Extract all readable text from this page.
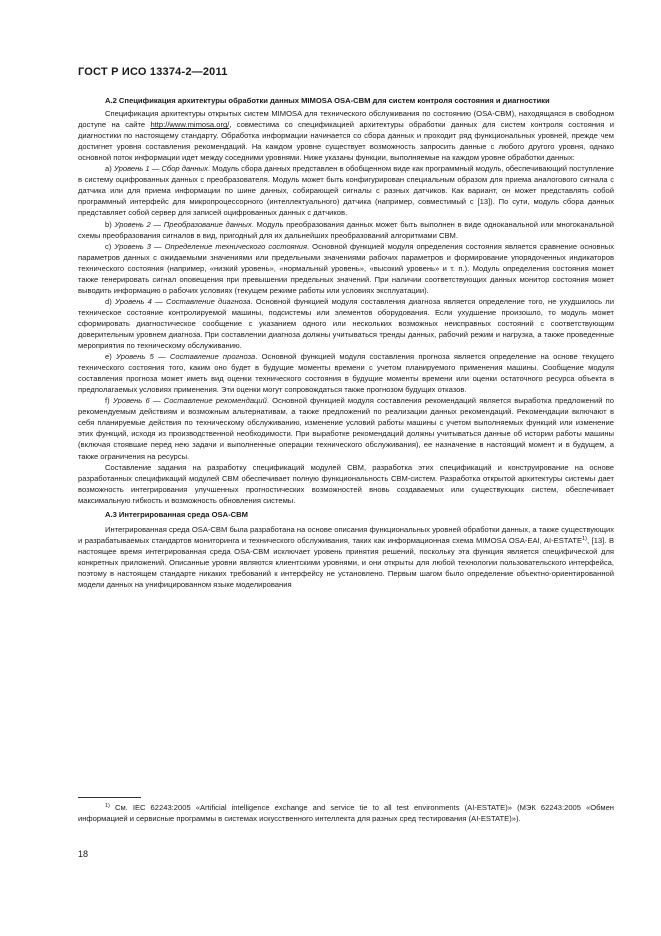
ГОСТ Р ИСО 13374-2—2011

А.2 Спецификация архитектуры обработки данных MIMOSA OSA-CBM для систем контроля состояния и диагностики

Спецификация архитектуры открытых систем MIMOSA для технического обслуживания по состоянию (OSA-CBM), находящаяся в свободном доступе на сайте http://www.mimosa.org/, совместима со спецификацией архитектуры обработки данных для систем контроля состояния и диагностики по настоящему стандарту. Обработка информации начинается со сбора данных и проходит ряд функциональных уровней, прежде чем достигнет уровня составления рекомендаций. На каждом уровне существует возможность запросить данные с любого другого уровня, однако основной поток информации идет между соседними уровнями. Ниже указаны функции, выполняемые на каждом уровне обработки данных:

а) Уровень 1 — Сбор данных. Модуль сбора данных представлен в обобщенном виде как программный модуль, обеспечивающий поступление в систему оцифрованных данных с преобразователя. Модуль может быть конфигурирован специальным образом для приема аналогового сигнала с датчика или для приема информации по шине данных, собирающей сигналы с разных датчиков. Как вариант, он может представлять собой программный интерфейс для микропроцессорного (интеллектуального) датчика (например, совместимый с [13]). По сути, модуль сбора данных представляет собой сервер для записей оцифрованных данных с датчиков.

b) Уровень 2 — Преобразование данных. Модуль преобразования данных может быть выполнен в виде одноканальной или многоканальной схемы преобразования сигналов в вид, пригодный для их дальнейших преобразований алгоритмами CBM.

с) Уровень 3 — Определение технического состояния. Основной функцией модуля определения состояния является сравнение основных параметров данных с ожидаемыми значениями или предельными значениями рабочих параметров и формирование упорядоченных индикаторов технического состояния (например, «низкий уровень», «нормальный уровень», «высокий уровень» и т. п.). Модуль определения состояния может также генерировать сигнал оповещения при превышении предельных значений. При наличии соответствующих данных монитор состояния может выводить информацию о рабочих условиях (текущем режиме работы или условиях эксплуатации).

d) Уровень 4 — Составление диагноза. Основной функцией модуля составления диагноза является определение того, не ухудшилось ли техническое состояние контролируемой машины, подсистемы или элементов оборудования. Если ухудшение произошло, то модуль может сформировать диагностическое сообщение с указанием одного или нескольких возможных неисправных состояний с соответствующим доверительным уровнем диагноза. При составлении диагноза должны учитываться тренды данных, рабочий режим и нагрузка, а также проведенные мероприятия по техническому обслуживанию.

e) Уровень 5 — Составление прогноза. Основной функцией модуля составления прогноза является определение на основе текущего технического состояния того, каким оно будет в будущие моменты времени с учетом планируемого применения машины. Сообщение модуля составления прогноза может иметь вид оценки технического состояния в будущие моменты времени или оценки остаточного ресурса объекта в предполагаемых условиях применения. Эти оценки могут сопровождаться также прогнозом будущих отказов.

f) Уровень 6 — Составление рекомендаций. Основной функцией модуля составления рекомендаций является выработка предложений по рекомендуемым действиям и возможным альтернативам, а также предложений по реализации данных рекомендаций. Рекомендации включают в себя планируемые действия по техническому обслуживанию, изменение условий работы машины с учетом выполняемых функций или изменение этих функций, исходя из производственной необходимости. При выработке рекомендаций должны учитываться данные об истории работы машины (включая стоявшие перед нею задачи и выполненные операции технического обслуживания), ее назначение в настоящий момент и в будущем, а также ограничения на ресурсы.

Составление задания на разработку спецификаций модулей CBM, разработка этих спецификаций и конструирование на основе разработанных спецификаций модулей CBM обеспечивает полную функциональность CBM-систем. Разработка открытой архитектуры системы дает возможность интегрирования улучшенных прогностических возможностей вновь создаваемых или существующих систем, обеспечивает максимальную гибкость и возможность обновления системы.

А.3 Интегрированная среда OSA-CBM

Интегрированная среда OSA-CBM была разработана на основе описания функциональных уровней обработки данных, а также существующих и разрабатываемых стандартов мониторинга и технического обслуживания, таких как информационная схема MIMOSA OSA-EAI, AI-ESTATE$^{1)}$, [13]. В настоящее время интегрированная среда OSA-CBM исключает уровень принятия решений, поскольку эта функция является специфической для конкретных приложений. Описанные уровни являются клиентскими уровнями, и они открыты для любой технологии пользовательского интерфейса, поэтому в настоящем стандарте никаких требований к интерфейсу не установлено. Первым шагом было определение объектно-ориентированной модели данных на унифицированном языке моделирования

$^{1)}$ См. IEC 62243:2005 «Artificial intelligence exchange and service tie to all test environments (AI-ESTATE)» (МЭК 62243:2005 «Обмен информацией и сервисные программы в системах искусственного интеллекта для разных сред тестирования (AI-ESTATE)»).

18
